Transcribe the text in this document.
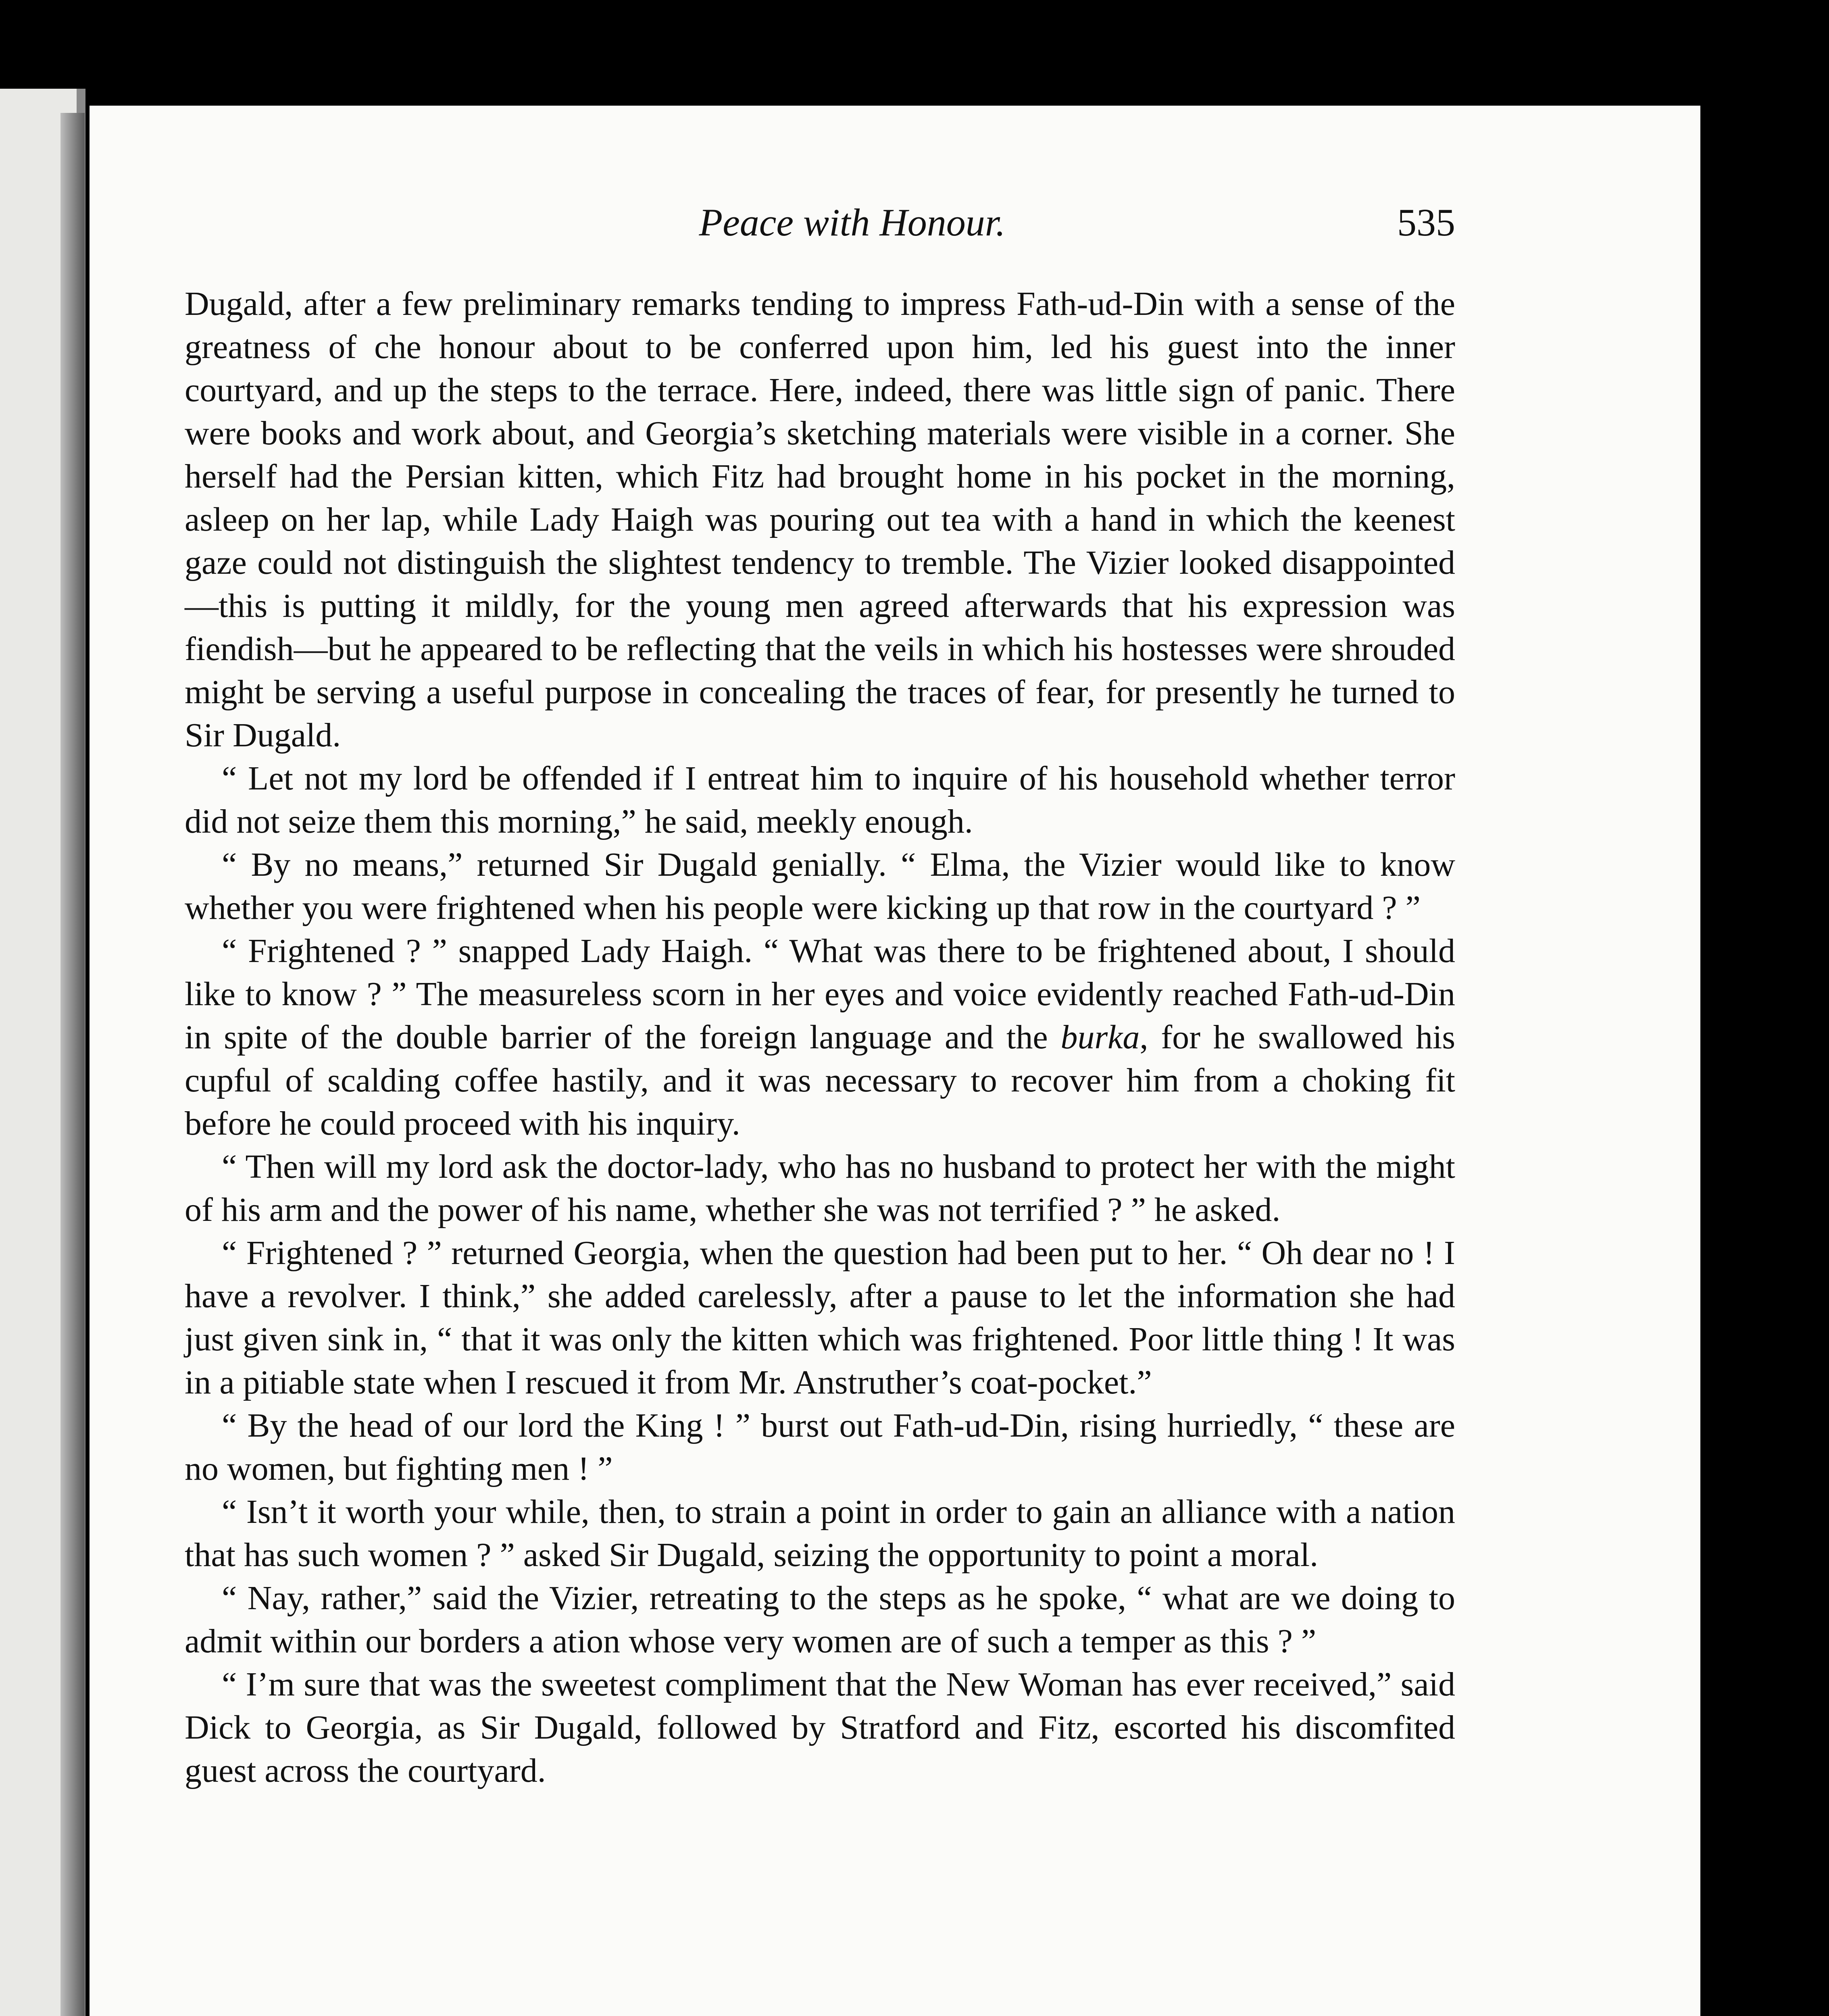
Peace with Honour.	535

Dugald, after a few preliminary remarks tending to impress Fath-ud-Din with a sense of the greatness of che honour about to be conferred upon him, led his guest into the inner courtyard, and up the steps to the terrace. Here, indeed, there was little sign of panic. There were books and work about, and Georgia’s sketching materials were visible in a corner. She herself had the Persian kitten, which Fitz had brought home in his pocket in the morning, asleep on her lap, while Lady Haigh was pouring out tea with a hand in which the keenest gaze could not distinguish the slightest tendency to tremble. The Vizier looked disappointed—this is putting it mildly, for the young men agreed afterwards that his expression was fiendish—but he appeared to be reflecting that the veils in which his hostesses were shrouded might be serving a useful purpose in concealing the traces of fear, for presently he turned to Sir Dugald.

“ Let not my lord be offended if I entreat him to inquire of his household whether terror did not seize them this morning,” he said, meekly enough.

“ By no means,” returned Sir Dugald genially. “ Elma, the Vizier would like to know whether you were frightened when his people were kicking up that row in the courtyard ? ”

“ Frightened ? ” snapped Lady Haigh. “ What was there to be frightened about, I should like to know ? ” The measureless scorn in her eyes and voice evidently reached Fath-ud-Din in spite of the double barrier of the foreign language and the burka, for he swallowed his cupful of scalding coffee hastily, and it was necessary to recover him from a choking fit before he could proceed with his inquiry.

“ Then will my lord ask the doctor-lady, who has no husband to protect her with the might of his arm and the power of his name, whether she was not terrified ? ” he asked.

“ Frightened ? ” returned Georgia, when the question had been put to her. “ Oh dear no ! I have a revolver. I think,” she added carelessly, after a pause to let the information she had just given sink in, “ that it was only the kitten which was frightened. Poor little thing ! It was in a pitiable state when I rescued it from Mr. Anstruther’s coat-pocket.”

“ By the head of our lord the King ! ” burst out Fath-ud-Din, rising hurriedly, “ these are no women, but fighting men ! ”

“ Isn’t it worth your while, then, to strain a point in order to gain an alliance with a nation that has such women ? ” asked Sir Dugald, seizing the opportunity to point a moral.

“ Nay, rather,” said the Vizier, retreating to the steps as he spoke, “ what are we doing to admit within our borders a ation whose very women are of such a temper as this ? ”

“ I’m sure that was the sweetest compliment that the New Woman has ever received,” said Dick to Georgia, as Sir Dugald, followed by Stratford and Fitz, escorted his discomfited guest across the courtyard.
